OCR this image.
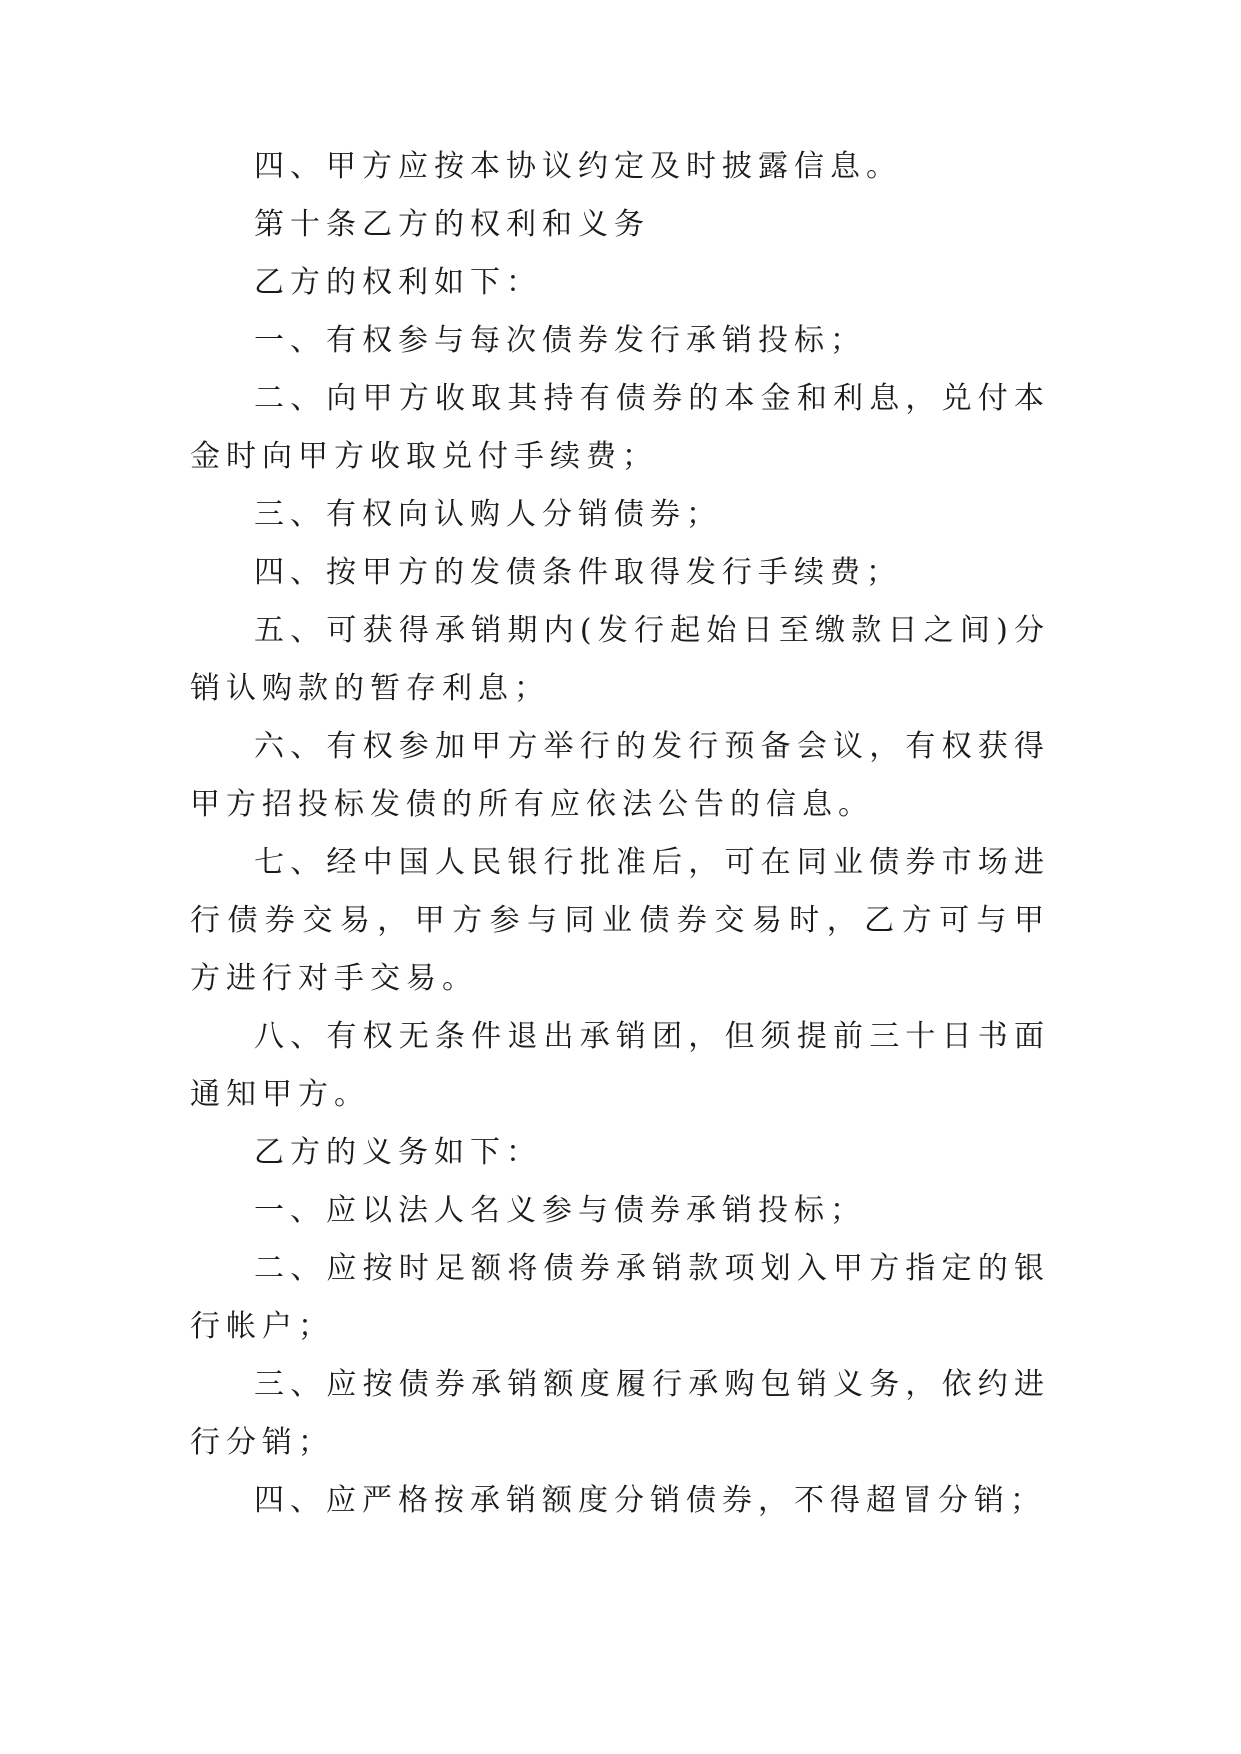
四、甲方应按本协议约定及时披露信息。

第十条乙方的权利和义务

乙方的权利如下：

一、有权参与每次债券发行承销投标；

二、向甲方收取其持有债券的本金和利息，兑付本金时向甲方收取兑付手续费；

三、有权向认购人分销债券；

四、按甲方的发债条件取得发行手续费；

五、可获得承销期内(发行起始日至缴款日之间)分销认购款的暂存利息；

六、有权参加甲方举行的发行预备会议，有权获得甲方招投标发债的所有应依法公告的信息。

七、经中国人民银行批准后，可在同业债券市场进行债券交易，甲方参与同业债券交易时，乙方可与甲方进行对手交易。

八、有权无条件退出承销团，但须提前三十日书面通知甲方。

乙方的义务如下：

一、应以法人名义参与债券承销投标；

二、应按时足额将债券承销款项划入甲方指定的银行帐户；

三、应按债券承销额度履行承购包销义务，依约进行分销；

四、应严格按承销额度分销债券，不得超冒分销；
